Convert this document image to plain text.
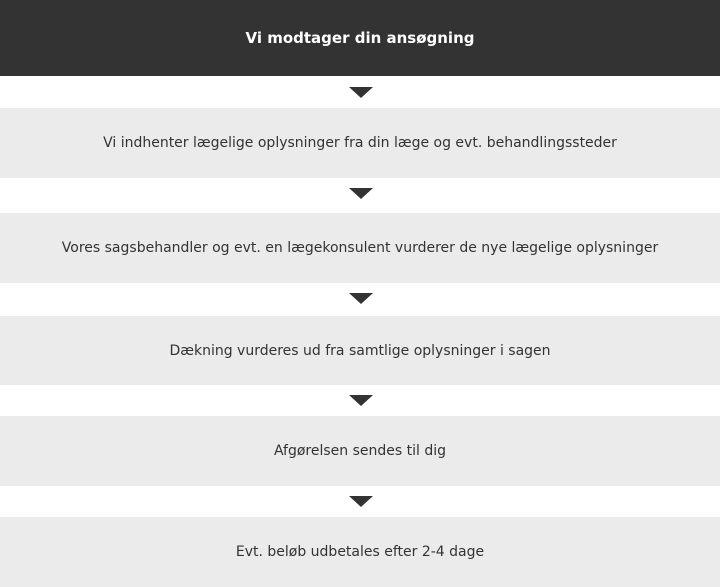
Vi modtager din ansøgning
Vi indhenter lægelige oplysninger fra din læge og evt. behandlingssteder
Vores sagsbehandler og evt. en lægekonsulent vurderer de nye lægelige oplysninger
Dækning vurderes ud fra samtlige oplysninger i sagen
Afgørelsen sendes til dig
Evt. beløb udbetales efter 2-4 dage
